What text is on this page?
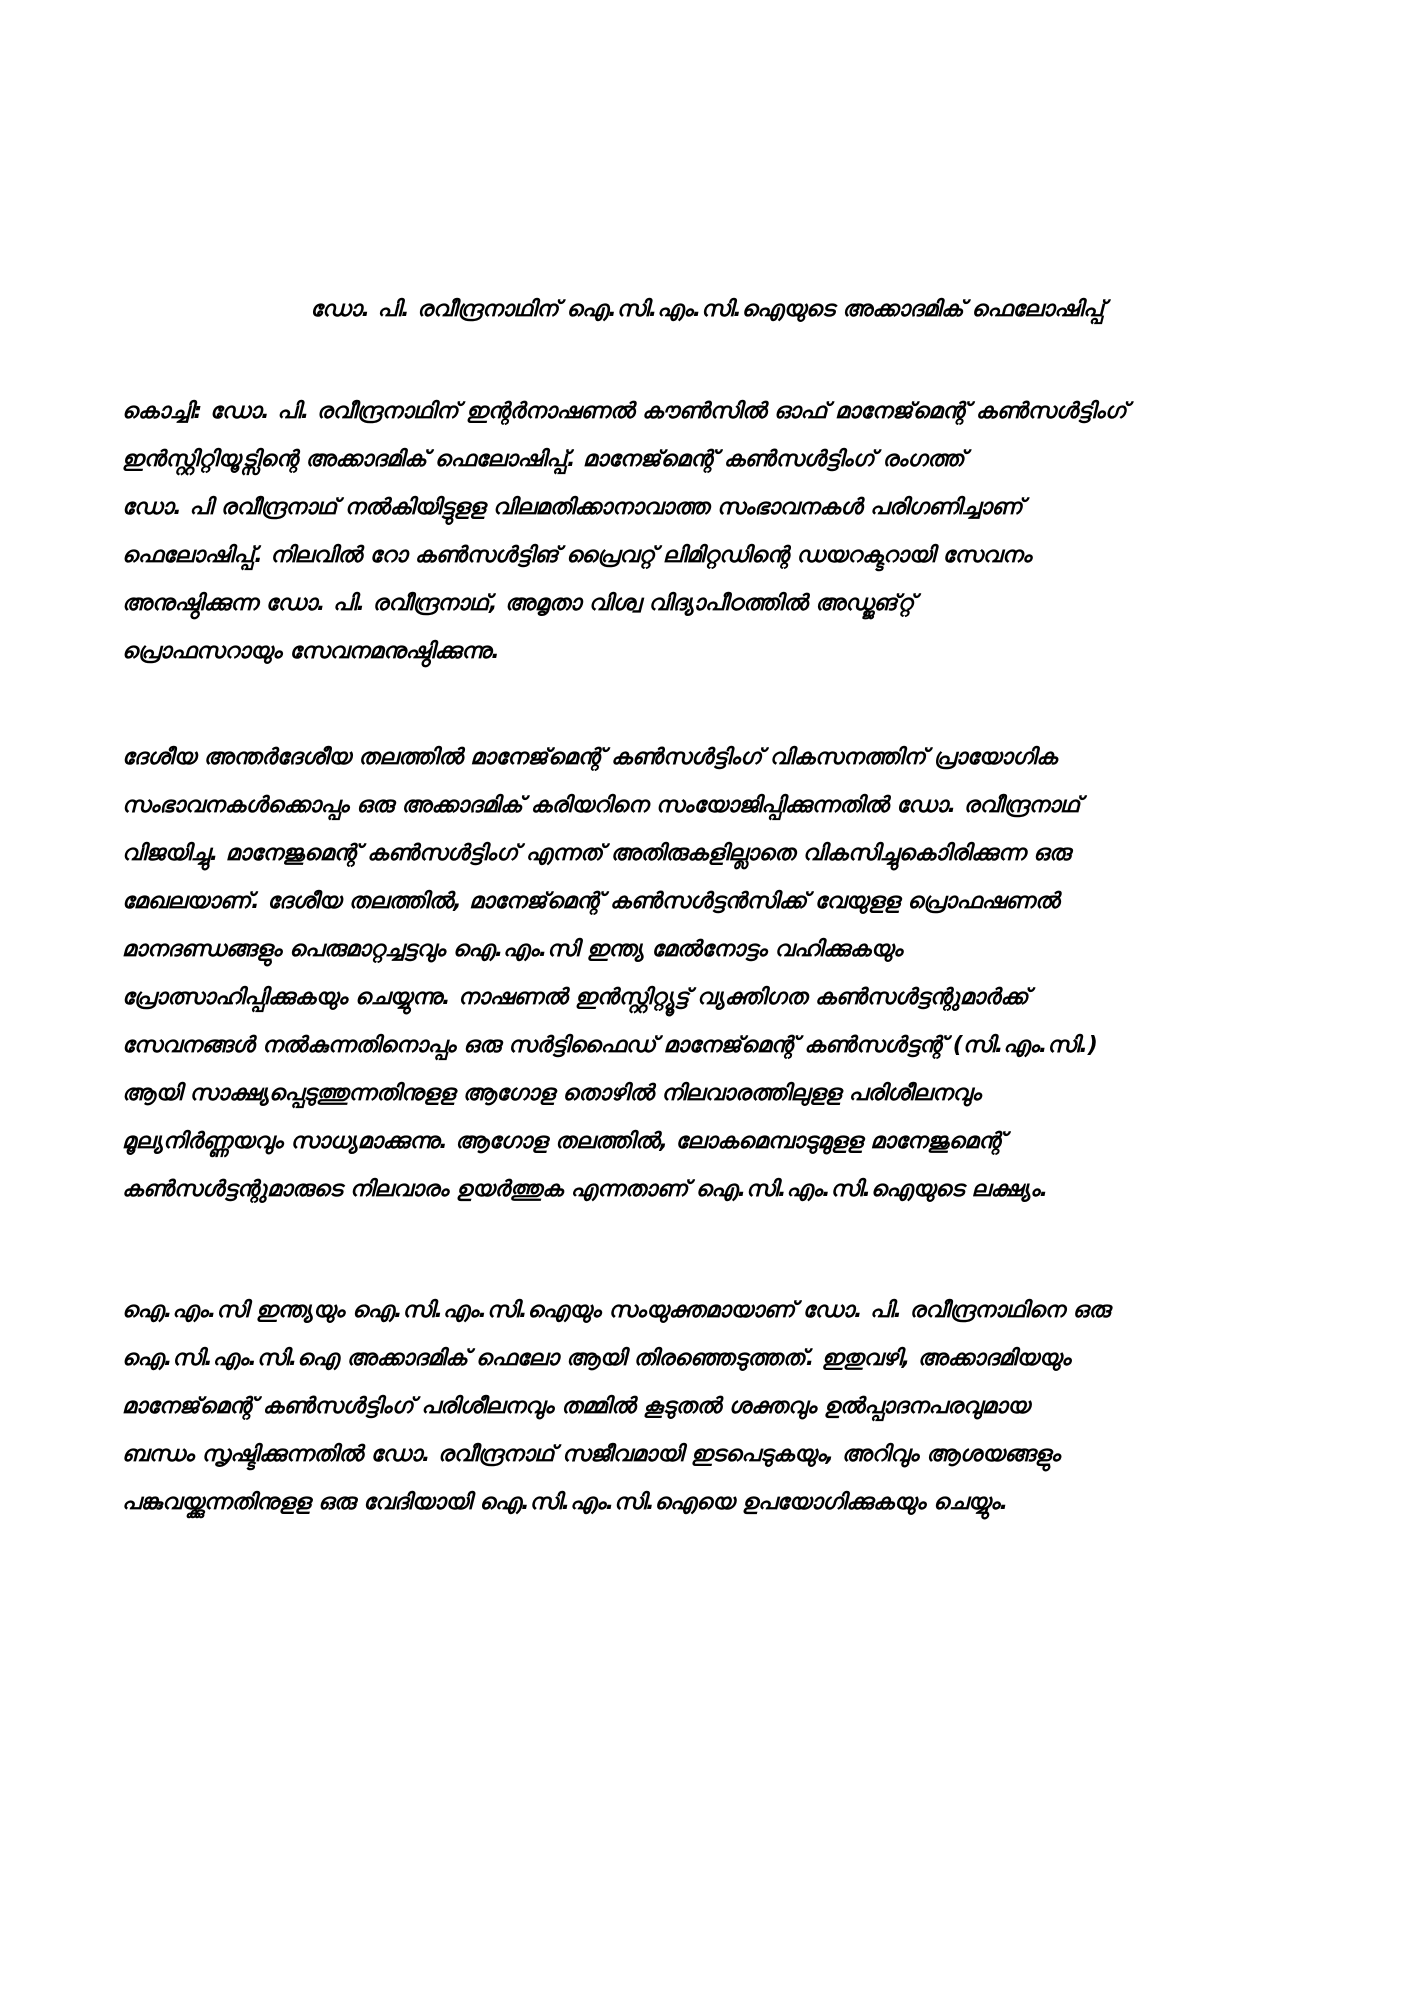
ഡോ. പി. രവീന്ദ്രനാഥിന് ഐ.സി.എം.സി.ഐയുടെ അക്കാദമിക് ഫെലോഷിപ്പ്
കൊച്ചി: ഡോ. പി. രവീന്ദ്രനാഥിന് ഇന്റർനാഷണൽ കൗൺസിൽ ഓഫ് മാനേജ്‌മെന്റ് കൺസൾട്ടിംഗ്
ഇൻസ്റ്റിറ്റിയൂട്സിന്റെ അക്കാദമിക് ഫെലോഷിപ്പ്. മാനേജ്‌മെന്റ് കൺസൾട്ടിംഗ് രംഗത്ത്
ഡോ. പി രവീന്ദ്രനാഥ് നൽകിയിട്ടുളള വിലമതിക്കാനാവാത്ത സംഭാവനകൾ പരിഗണിച്ചാണ്
ഫെലോഷിപ്പ്. നിലവിൽ റോ കൺസൾട്ടിങ് പ്രൈവറ്റ് ലിമിറ്റഡിന്റെ ഡയറക്ടറായി സേവനം
അനുഷ്ഠിക്കുന്ന ഡോ. പി. രവീന്ദ്രനാഥ്, അമൃതാ വിശ്വ വിദ്യാപീഠത്തിൽ അഡ്ജങ്റ്റ്
പ്രൊഫസറായും സേവനമനുഷ്ഠിക്കുന്നു.
ദേശീയ അന്തർദേശീയ തലത്തിൽ മാനേജ്‌മെന്റ് കൺസൾട്ടിംഗ് വികസനത്തിന് പ്രായോഗിക
സംഭാവനകൾക്കൊപ്പം ഒരു അക്കാദമിക് കരിയറിനെ സംയോജിപ്പിക്കുന്നതിൽ ഡോ. രവീന്ദ്രനാഥ്
വിജയിച്ചു. മാനേജുമെന്റ് കൺസൾട്ടിംഗ് എന്നത് അതിരുകളില്ലാതെ വികസിച്ചുകൊിരിക്കുന്ന ഒരു
മേഖലയാണ്. ദേശീയ തലത്തിൽ, മാനേജ്‌മെന്റ് കൺസൾട്ടൻസിക്ക് വേയുളള പ്രൊഫഷണൽ
മാനദണ്ഡങ്ങളും പെരുമാറ്റച്ചട്ടവും ഐ.എം.സി ഇന്ത്യ മേൽനോട്ടം വഹിക്കുകയും
പ്രോത്സാഹിപ്പിക്കുകയും ചെയ്യുന്നു. നാഷണൽ ഇൻസ്റ്റിറ്റ്യൂട്ട് വ്യക്തിഗത കൺസൾട്ടന്റുമാർക്ക്
സേവനങ്ങൾ നൽകുന്നതിനൊപ്പം ഒരു സർട്ടിഫൈഡ് മാനേജ്‌മെന്റ് കൺസൾട്ടന്റ് (സി.എം.സി.)
ആയി സാക്ഷ്യപ്പെടുത്തുന്നതിനുളള ആഗോള തൊഴിൽ നിലവാരത്തിലുളള പരിശീലനവും
മൂല്യനിർണ്ണയവും സാധ്യമാക്കുന്നു. ആഗോള തലത്തിൽ, ലോകമെമ്പാടുമുളള മാനേജുമെന്റ്
കൺസൾട്ടന്റുമാരുടെ നിലവാരം ഉയർത്തുക എന്നതാണ് ഐ.സി.എം.സി.ഐയുടെ ലക്ഷ്യം.
ഐ.എം.സി ഇന്ത്യയും ഐ.സി.എം.സി.ഐയും സംയുക്തമായാണ് ഡോ. പി. രവീന്ദ്രനാഥിനെ ഒരു
ഐ.സി.എം.സി.ഐ അക്കാദമിക് ഫെലോ ആയി തിരഞ്ഞെടുത്തത്. ഇതുവഴി, അക്കാദമിയയും
മാനേജ്‌മെന്റ് കൺസൾട്ടിംഗ് പരിശീലനവും തമ്മിൽ കൂടുതൽ ശക്തവും ഉൽപ്പാദനപരവുമായ
ബന്ധം സൃഷ്ടിക്കുന്നതിൽ ഡോ. രവീന്ദ്രനാഥ് സജീവമായി ഇടപെടുകയും, അറിവും ആശയങ്ങളും
പങ്കുവയ്ക്കുന്നതിനുളള ഒരു വേദിയായി ഐ.സി.എം.സി.ഐയെ ഉപയോഗിക്കുകയും ചെയ്യും.
